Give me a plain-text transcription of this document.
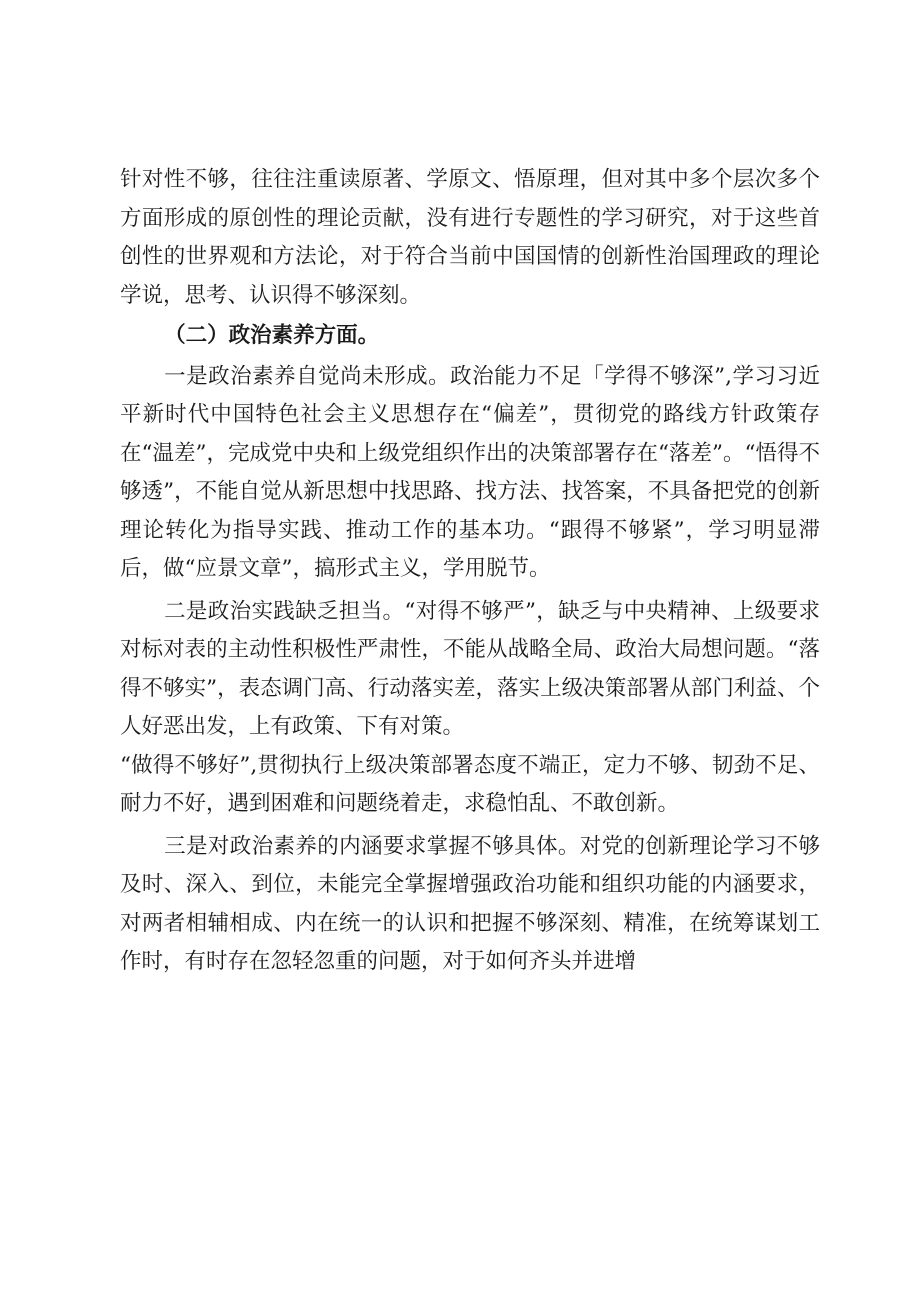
针对性不够，往往注重读原著、学原文、悟原理，但对其中多个层次多个方面形成的原创性的理论贡献，没有进行专题性的学习研究，对于这些首创性的世界观和方法论，对于符合当前中国国情的创新性治国理政的理论学说，思考、认识得不够深刻。

（二）政治素养方面。

一是政治素养自觉尚未形成。政治能力不足「学得不够深”,学习习近平新时代中国特色社会主义思想存在“偏差”，贯彻党的路线方针政策存在“温差”，完成党中央和上级党组织作出的决策部署存在“落差”。“悟得不够透”，不能自觉从新思想中找思路、找方法、找答案，不具备把党的创新理论转化为指导实践、推动工作的基本功。“跟得不够紧”，学习明显滞后，做“应景文章”，搞形式主义，学用脱节。

二是政治实践缺乏担当。“对得不够严”，缺乏与中央精神、上级要求对标对表的主动性积极性严肃性，不能从战略全局、政治大局想问题。“落得不够实”，表态调门高、行动落实差，落实上级决策部署从部门利益、个人好恶出发，上有政策、下有对策。

“做得不够好”,贯彻执行上级决策部署态度不端正，定力不够、韧劲不足、耐力不好，遇到困难和问题绕着走，求稳怕乱、不敢创新。

三是对政治素养的内涵要求掌握不够具体。对党的创新理论学习不够及时、深入、到位，未能完全掌握增强政治功能和组织功能的内涵要求，对两者相辅相成、内在统一的认识和把握不够深刻、精准，在统筹谋划工作时，有时存在忽轻忽重的问题，对于如何齐头并进增
